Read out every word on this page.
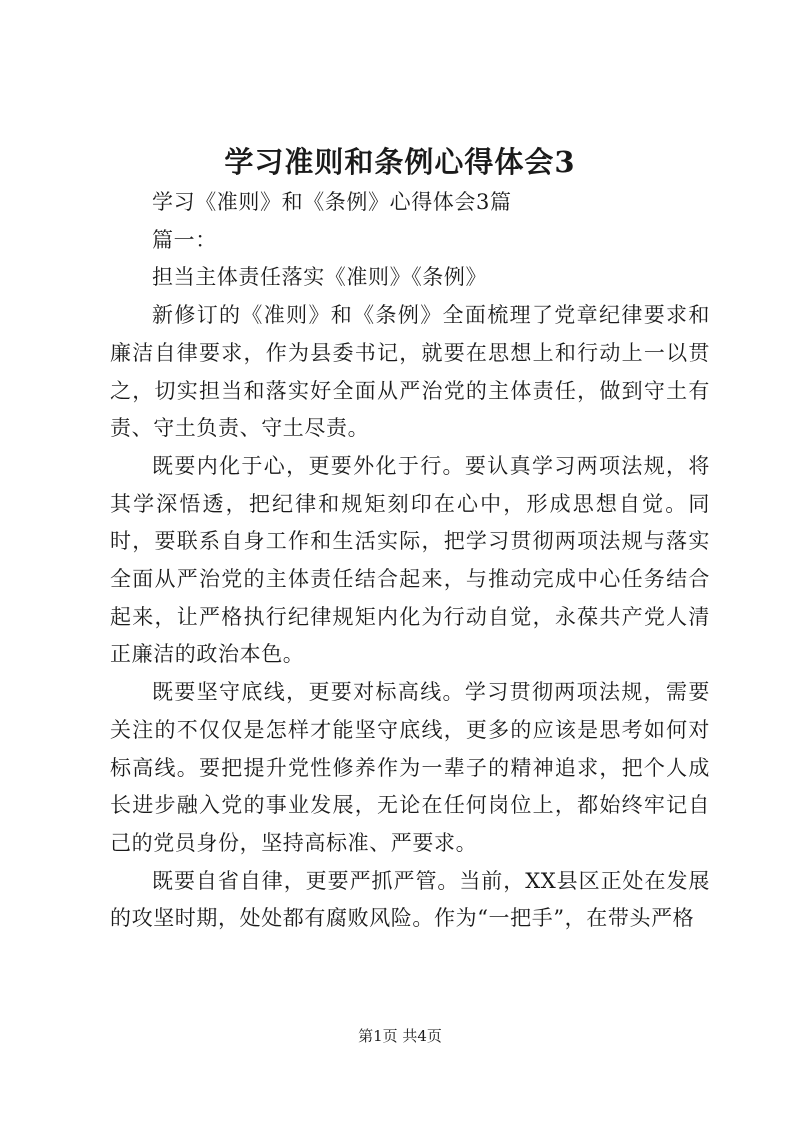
学习准则和条例心得体会3

学习《准则》和《条例》心得体会3篇

篇一：

担当主体责任落实《准则》《条例》

新修订的《准则》和《条例》全面梳理了党章纪律要求和廉洁自律要求，作为县委书记，就要在思想上和行动上一以贯之，切实担当和落实好全面从严治党的主体责任，做到守土有责、守土负责、守土尽责。

既要内化于心，更要外化于行。要认真学习两项法规，将其学深悟透，把纪律和规矩刻印在心中，形成思想自觉。同时，要联系自身工作和生活实际，把学习贯彻两项法规与落实全面从严治党的主体责任结合起来，与推动完成中心任务结合起来，让严格执行纪律规矩内化为行动自觉，永葆共产党人清正廉洁的政治本色。

既要坚守底线，更要对标高线。学习贯彻两项法规，需要关注的不仅仅是怎样才能坚守底线，更多的应该是思考如何对标高线。要把提升党性修养作为一辈子的精神追求，把个人成长进步融入党的事业发展，无论在任何岗位上，都始终牢记自己的党员身份，坚持高标准、严要求。

既要自省自律，更要严抓严管。当前，XX县区正处在发展的攻坚时期，处处都有腐败风险。作为“一把手”，在带头严格

第1页 共4页
